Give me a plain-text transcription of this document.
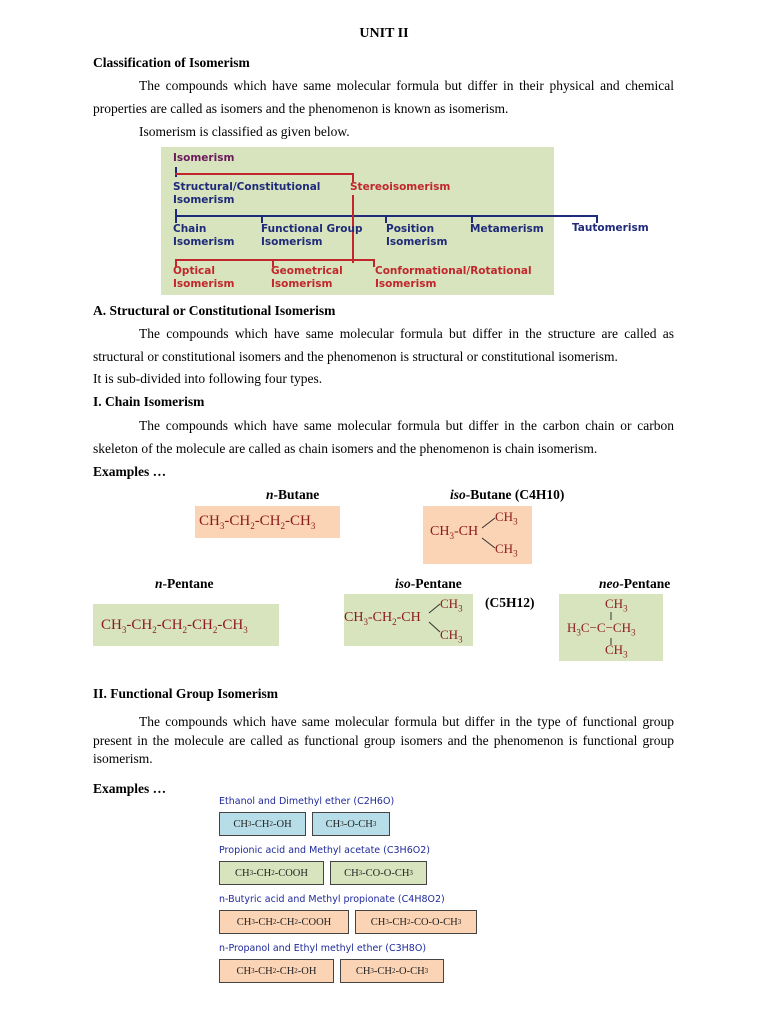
UNIT II
Classification of Isomerism
The compounds which have same molecular formula but differ in their physical and chemical properties are called as isomers and the phenomenon is known as isomerism.
Isomerism is classified as given below.
Isomerism
Structural/Constitutional
Isomerism
Stereoisomerism
Chain
Isomerism
Functional Group
Isomerism
Position
Isomerism
Metamerism
Optical
Isomerism
Geometrical
Isomerism
Conformational/Rotational
Isomerism
Tautomerism
A. Structural or Constitutional Isomerism
The compounds which have same molecular formula but differ in the structure are called as structural or constitutional isomers and the phenomenon is structural or constitutional isomerism.
It is sub-divided into following four types.
I. Chain Isomerism
The compounds which have same molecular formula but differ in the carbon chain or carbon skeleton of the molecule are called as chain isomers and the phenomenon is chain isomerism.
Examples …
n-Butane	iso-Butane (C4H10)
$CH_3-CH_2-CH_2-CH_3$	$CH_3-CH$
$CH_3$
$CH_3$
n-Pentane	iso-Pentane	neo-Pentane
(C5H12)
$CH_3-CH_2-CH_2-CH_2-CH_3$
$CH_3-CH_2-CH$
$CH_3$
$CH_3$
$CH_3$
$H_3C-C-CH_3$
$CH_3$
II. Functional Group Isomerism
The compounds which have same molecular formula but differ in the type of functional group present in the molecule are called as functional group isomers and the phenomenon is functional group isomerism.
Examples …
Ethanol and Dimethyl ether (C2H6O)
CH 3 -CH 2 -OH	CH 3 -O-CH 3
Propionic acid and Methyl acetate (C3H6O2)
CH 3 -CH 2 -COOH	CH 3 -CO-O-CH 3
n-Butyric acid and Methyl propionate (C4H8O2)
CH 3 -CH 2 -CH 2 -COOH	CH 3 -CH 2 -CO-O-CH 3
n-Propanol and Ethyl methyl ether (C3H8O)
CH 3 -CH 2 -CH 2 -OH	CH 3 -CH 2 -O-CH 3
